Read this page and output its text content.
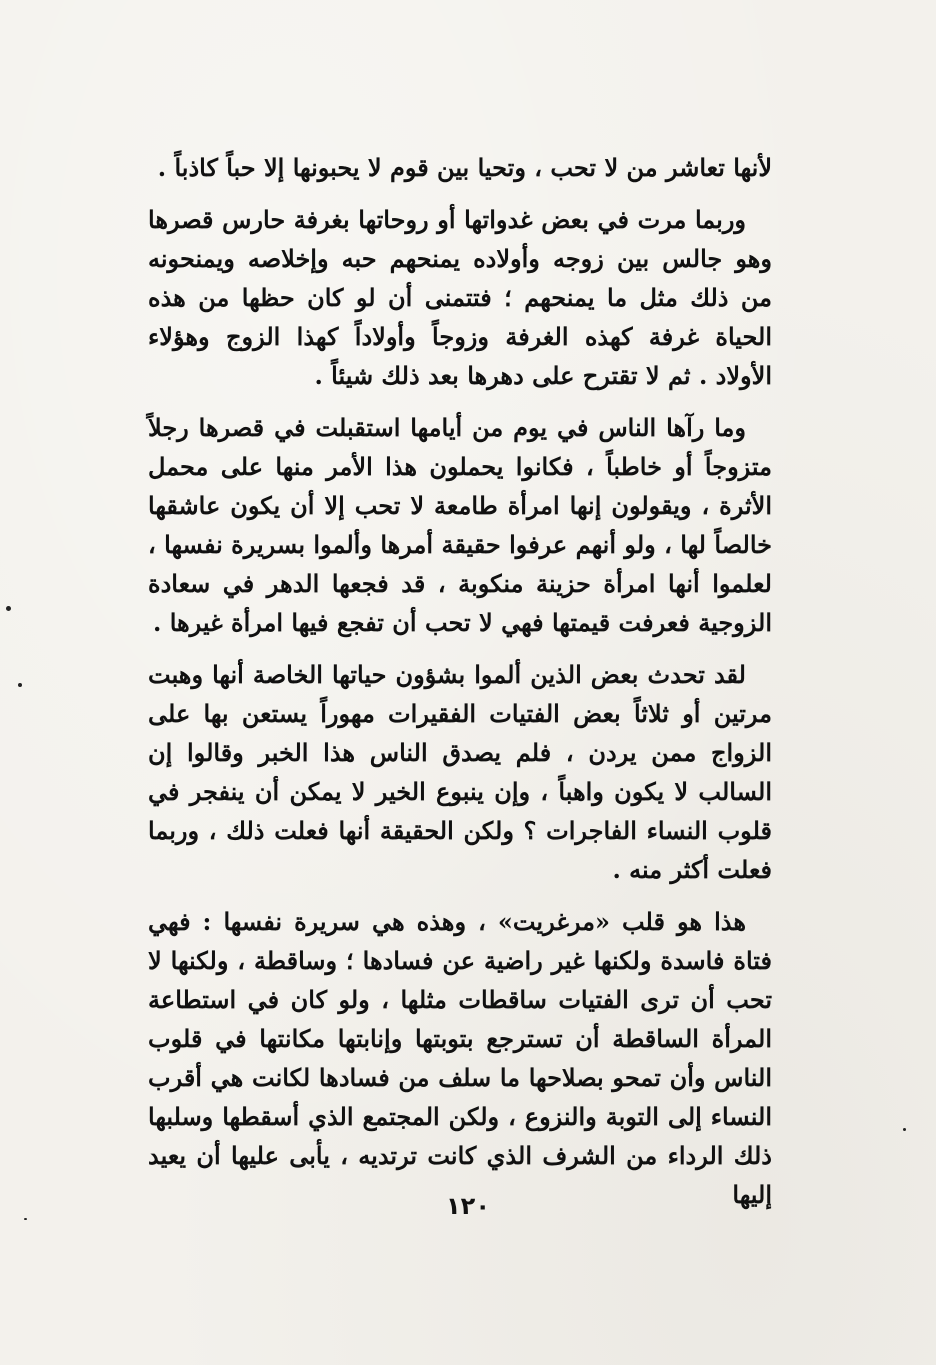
لأنها تعاشر من لا تحب ، وتحيا بين قوم لا يحبونها إلا حباً كاذباً .

وربما مرت في بعض غدواتها أو روحاتها بغرفة حارس قصرها وهو جالس بين زوجه وأولاده يمنحهم حبه وإخلاصه ويمنحونه من ذلك مثل ما يمنحهم ؛ فتتمنى أن لو كان حظها من هذه الحياة غرفة كهذه الغرفة وزوجاً وأولاداً كهذا الزوج وهؤلاء الأولاد . ثم لا تقترح على دهرها بعد ذلك شيئاً .

وما رآها الناس في يوم من أيامها استقبلت في قصرها رجلاً متزوجاً أو خاطباً ، فكانوا يحملون هذا الأمر منها على محمل الأثرة ، ويقولون إنها امرأة طامعة لا تحب إلا أن يكون عاشقها خالصاً لها ، ولو أنهم عرفوا حقيقة أمرها وألموا بسريرة نفسها ، لعلموا أنها امرأة حزينة منكوبة ، قد فجعها الدهر في سعادة الزوجية فعرفت قيمتها فهي لا تحب أن تفجع فيها امرأة غيرها .

لقد تحدث بعض الذين ألموا بشؤون حياتها الخاصة أنها وهبت مرتين أو ثلاثاً بعض الفتيات الفقيرات مهوراً يستعن بها على الزواج ممن يردن ، فلم يصدق الناس هذا الخبر وقالوا إن السالب لا يكون واهباً ، وإن ينبوع الخير لا يمكن أن ينفجر في قلوب النساء الفاجرات ؟ ولكن الحقيقة أنها فعلت ذلك ، وربما فعلت أكثر منه .

هذا هو قلب «مرغريت» ، وهذه هي سريرة نفسها : فهي فتاة فاسدة ولكنها غير راضية عن فسادها ؛ وساقطة ، ولكنها لا تحب أن ترى الفتيات ساقطات مثلها ، ولو كان في استطاعة المرأة الساقطة أن تسترجع بتوبتها وإنابتها مكانتها في قلوب الناس وأن تمحو بصلاحها ما سلف من فسادها لكانت هي أقرب النساء إلى التوبة والنزوع ، ولكن المجتمع الذي أسقطها وسلبها ذلك الرداء من الشرف الذي كانت ترتديه ، يأبى عليها أن يعيد إليها

١٢٠
